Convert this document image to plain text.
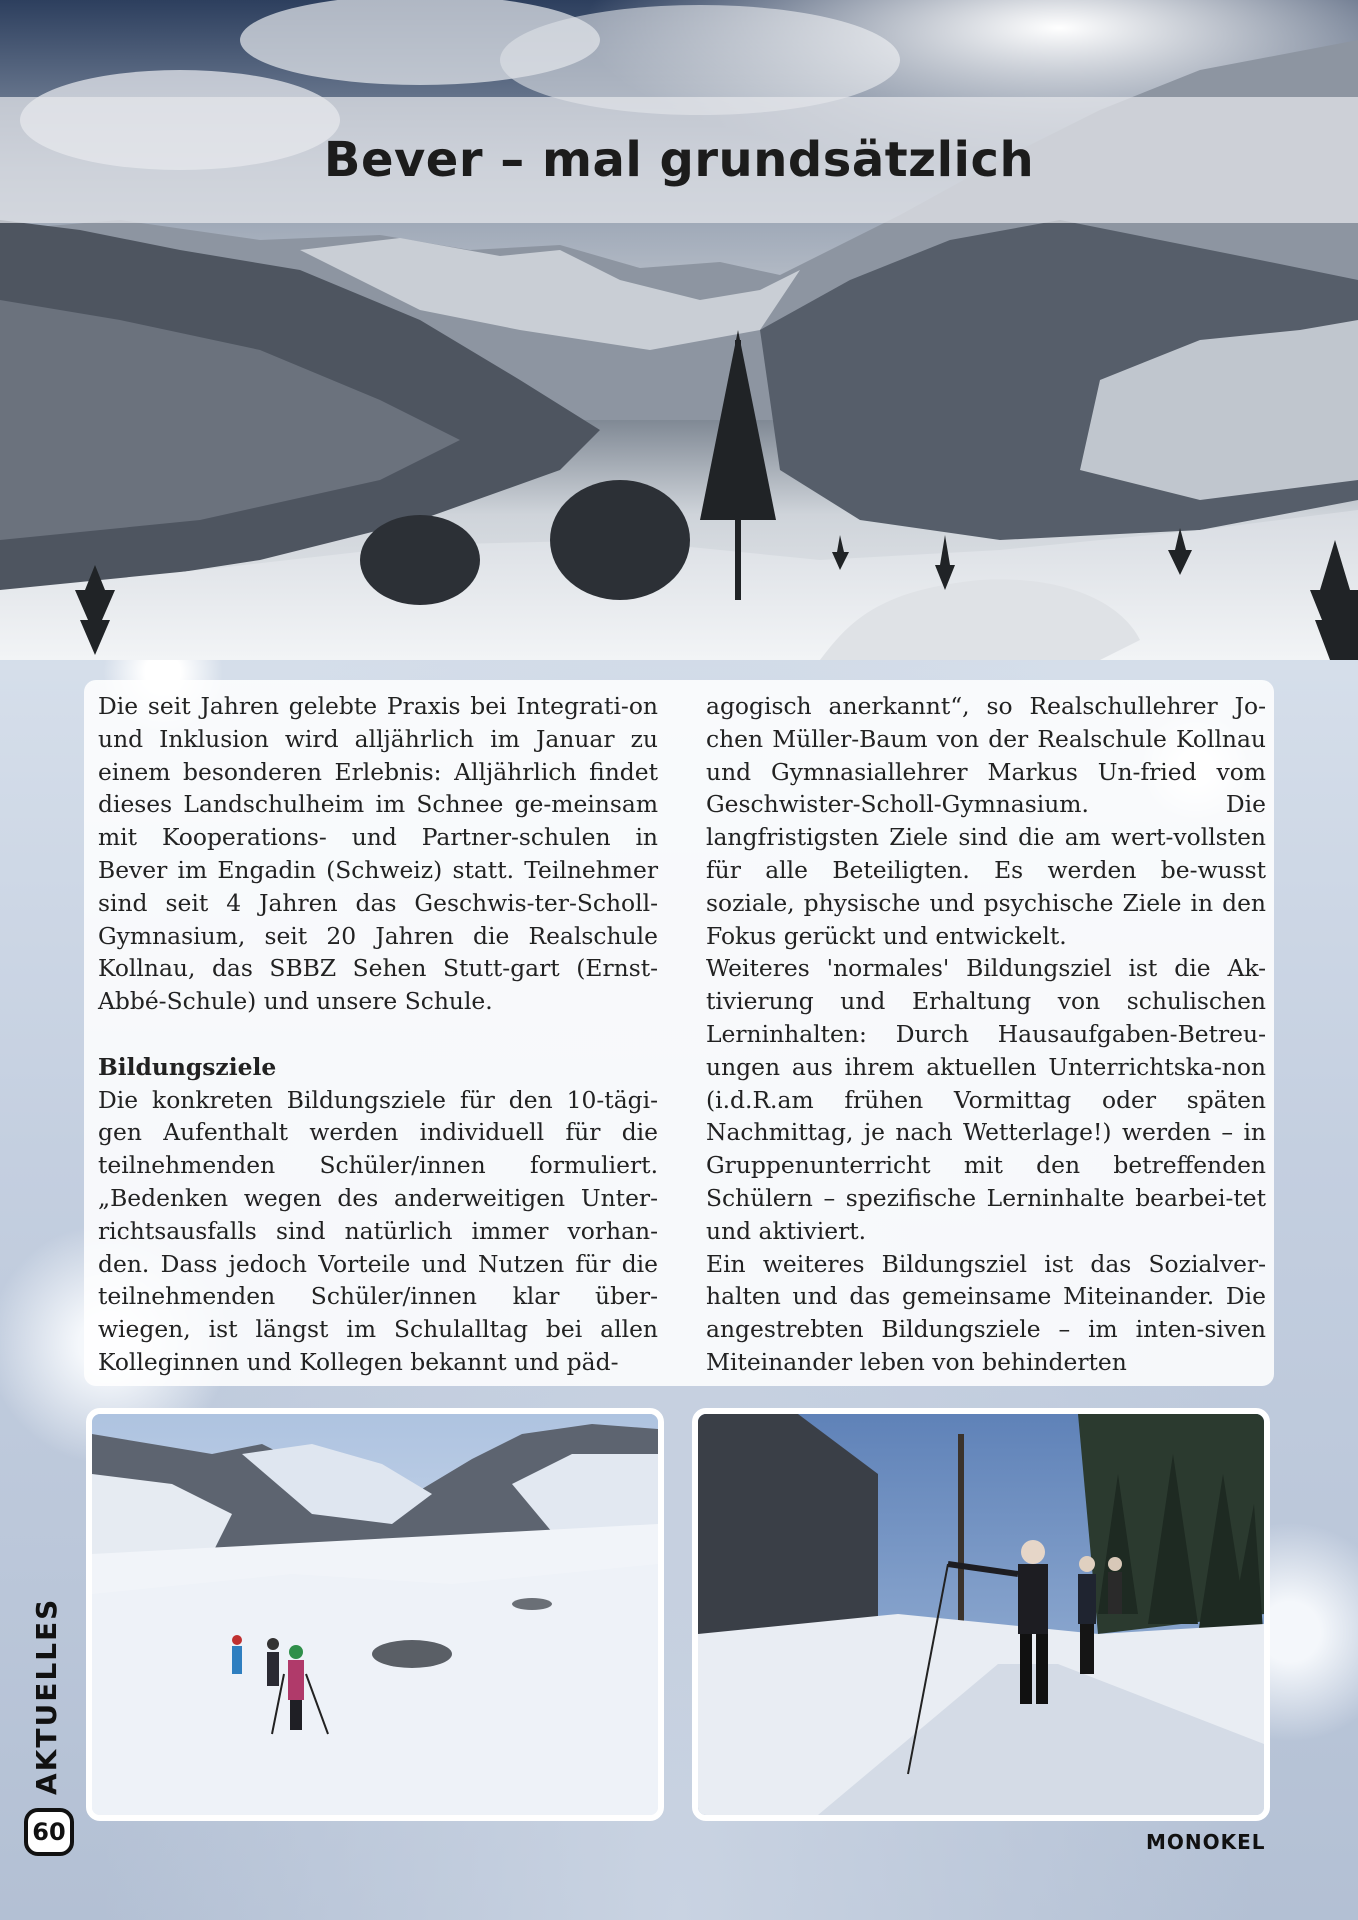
Bever – mal grundsätzlich

Die seit Jahren gelebte Praxis bei Integrati-on und Inklusion wird alljährlich im Januar zu einem besonderen Erlebnis: Alljährlich findet dieses Landschulheim im Schnee ge-meinsam mit Kooperations- und Partner-schulen in Bever im Engadin (Schweiz) statt. Teilnehmer sind seit 4 Jahren das Geschwis-ter-Scholl-Gymnasium, seit 20 Jahren die Realschule Kollnau, das SBBZ Sehen Stutt-gart (Ernst-Abbé-Schule) und unsere Schule.

Bildungsziele

Die konkreten Bildungsziele für den 10-tägi-gen Aufenthalt werden individuell für die teilnehmenden Schüler/innen formuliert. „Bedenken wegen des anderweitigen Unter-richtsausfalls sind natürlich immer vorhan-den. Dass jedoch Vorteile und Nutzen für die teilnehmenden Schüler/innen klar über-wiegen, ist längst im Schulalltag bei allen Kolleginnen und Kollegen bekannt und päd-

agogisch anerkannt“, so Realschullehrer Jo-chen Müller-Baum von der Realschule Kollnau und Gymnasiallehrer Markus Un-fried vom Geschwister-Scholl-Gymnasium. Die langfristigsten Ziele sind die am wert-vollsten für alle Beteiligten. Es werden be-wusst soziale, physische und psychische Ziele in den Fokus gerückt und entwickelt.

Weiteres 'normales' Bildungsziel ist die Ak-tivierung und Erhaltung von schulischen Lerninhalten: Durch Hausaufgaben-Betreu-ungen aus ihrem aktuellen Unterrichtska-non (i.d.R.am frühen Vormittag oder späten Nachmittag, je nach Wetterlage!) werden – in Gruppenunterricht mit den betreffenden Schülern – spezifische Lerninhalte bearbei-tet und aktiviert.

Ein weiteres Bildungsziel ist das Sozialver-halten und das gemeinsame Miteinander. Die angestrebten Bildungsziele – im inten-siven Miteinander leben von behinderten

AKTUELLES
60	MONOKEL
